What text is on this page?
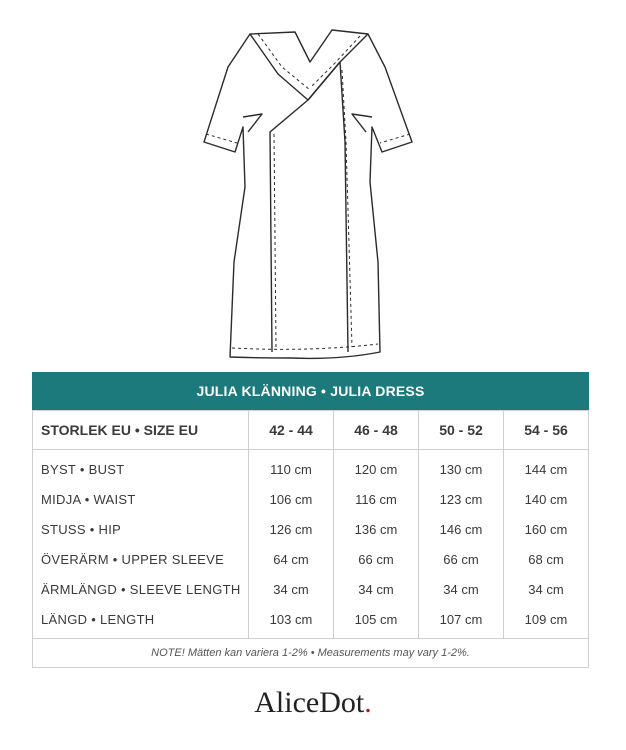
JULIA KLÄNNING • JULIA DRESS
STORLEK EU • SIZE EU	42 - 44	46 - 48	50 - 52	54 - 56
BYST • BUST	110 cm	120 cm	130 cm	144 cm
MIDJA • WAIST	106 cm	116 cm	123 cm	140 cm
STUSS • HIP	126 cm	136 cm	146 cm	160 cm
ÖVERÄRM • UPPER SLEEVE	64 cm	66 cm	66 cm	68 cm
ÄRMLÄNGD • SLEEVE LENGTH	34 cm	34 cm	34 cm	34 cm
LÄNGD • LENGTH	103 cm	105 cm	107 cm	109 cm
NOTE! Mätten kan variera 1-2% • Measurements may vary 1-2%.
AliceDot.
